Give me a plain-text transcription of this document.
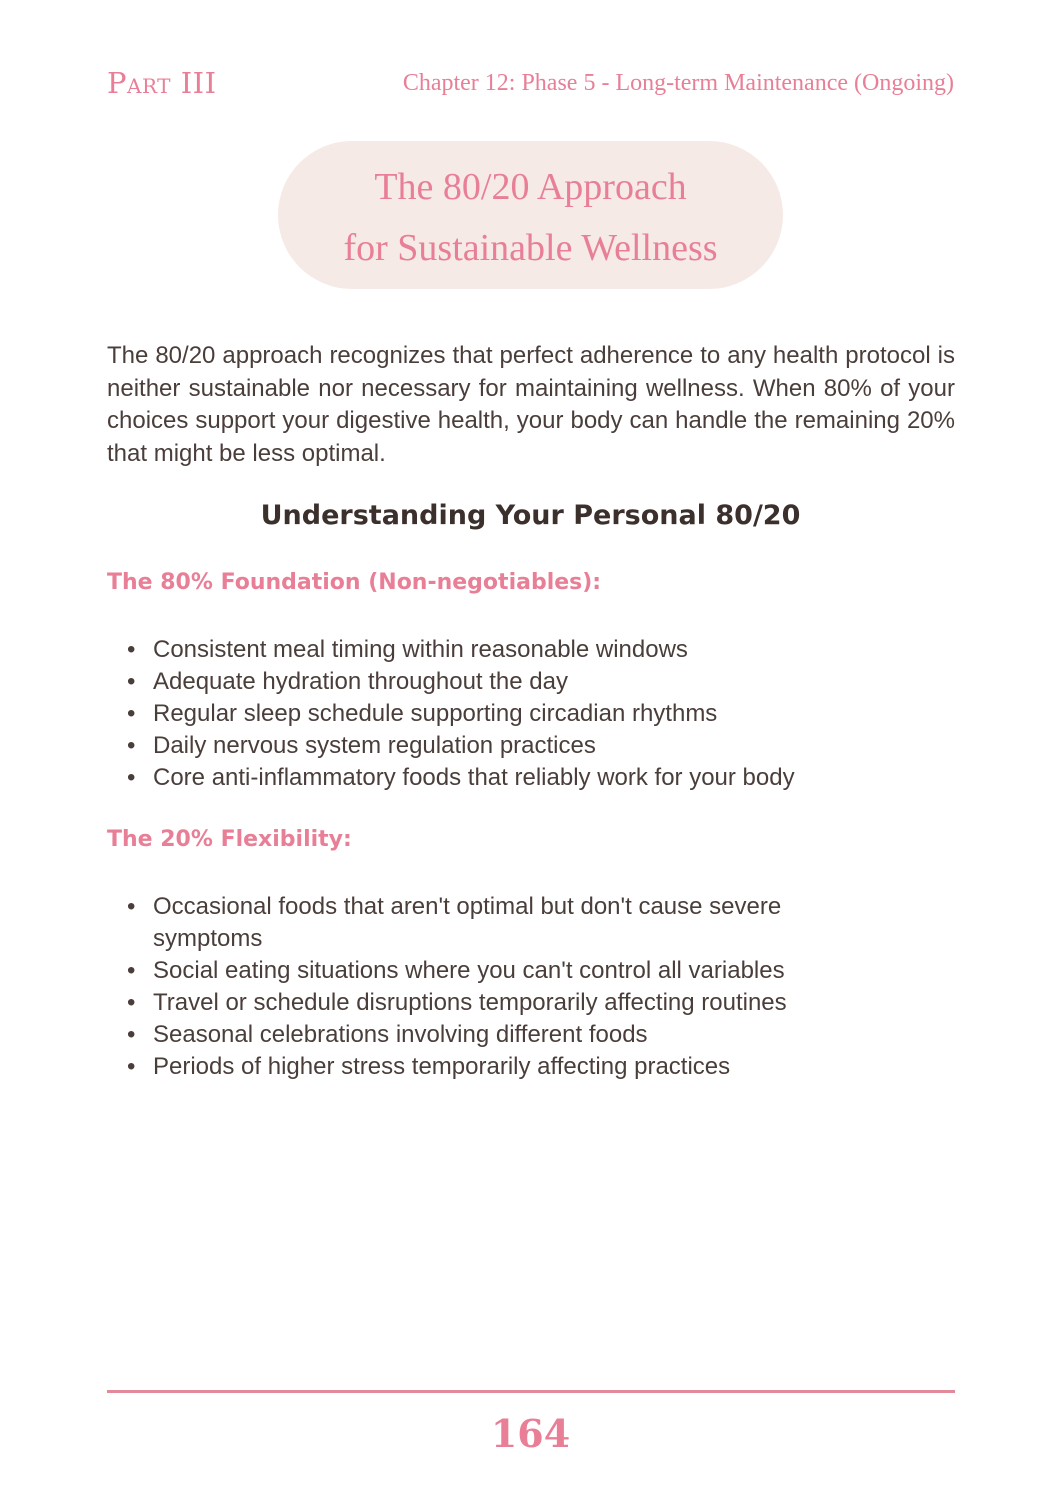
Part III	Chapter 12: Phase 5 - Long-term Maintenance (Ongoing)
The 80/20 Approach
for Sustainable Wellness

The 80/20 approach recognizes that perfect adherence to any health protocol is neither sustainable nor necessary for maintaining wellness. When 80% of your choices support your digestive health, your body can handle the remaining 20% that might be less optimal.

Understanding Your Personal 80/20
The 80% Foundation (Non-negotiables):
• Consistent meal timing within reasonable windows
• Adequate hydration throughout the day
• Regular sleep schedule supporting circadian rhythms
• Daily nervous system regulation practices
• Core anti-inflammatory foods that reliably work for your body
The 20% Flexibility:
• Occasional foods that aren't optimal but don't cause severe symptoms
• Social eating situations where you can't control all variables
• Travel or schedule disruptions temporarily affecting routines
• Seasonal celebrations involving different foods
• Periods of higher stress temporarily affecting practices
164
